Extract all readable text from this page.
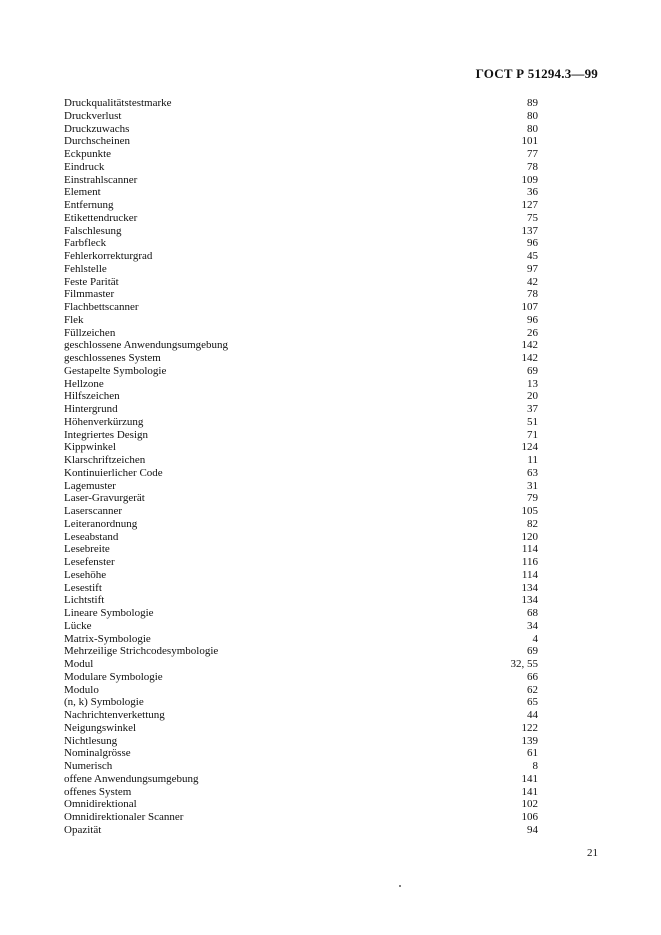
ГОСТ Р 51294.3—99
Druckqualitätstestmarke	89
Druckverlust	80
Druckzuwachs	80
Durchscheinen	101
Eckpunkte	77
Eindruck	78
Einstrahlscanner	109
Element	36
Entfernung	127
Etikettendrucker	75
Falschlesung	137
Farbfleck	96
Fehlerkorrekturgrad	45
Fehlstelle	97
Feste Parität	42
Filmmaster	78
Flachbettscanner	107
Flek	96
Füllzeichen	26
geschlossene Anwendungsumgebung	142
geschlossenes System	142
Gestapelte Symbologie	69
Hellzone	13
Hilfszeichen	20
Hintergrund	37
Höhenverkürzung	51
Integriertes Design	71
Kippwinkel	124
Klarschriftzeichen	11
Kontinuierlicher Code	63
Lagemuster	31
Laser-Gravurgerät	79
Laserscanner	105
Leiteranordnung	82
Leseabstand	120
Lesebreite	114
Lesefenster	116
Lesehöhe	114
Lesestift	134
Lichtstift	134
Lineare Symbologie	68
Lücke	34
Matrix-Symbologie	4
Mehrzeilige Strichcodesymbologie	69
Modul	32, 55
Modulare Symbologie	66
Modulo	62
(n, k) Symbologie	65
Nachrichtenverkettung	44
Neigungswinkel	122
Nichtlesung	139
Nominalgrösse	61
Numerisch	8
offene Anwendungsumgebung	141
offenes System	141
Omnidirektional	102
Omnidirektionaler Scanner	106
Opazität	94
21
